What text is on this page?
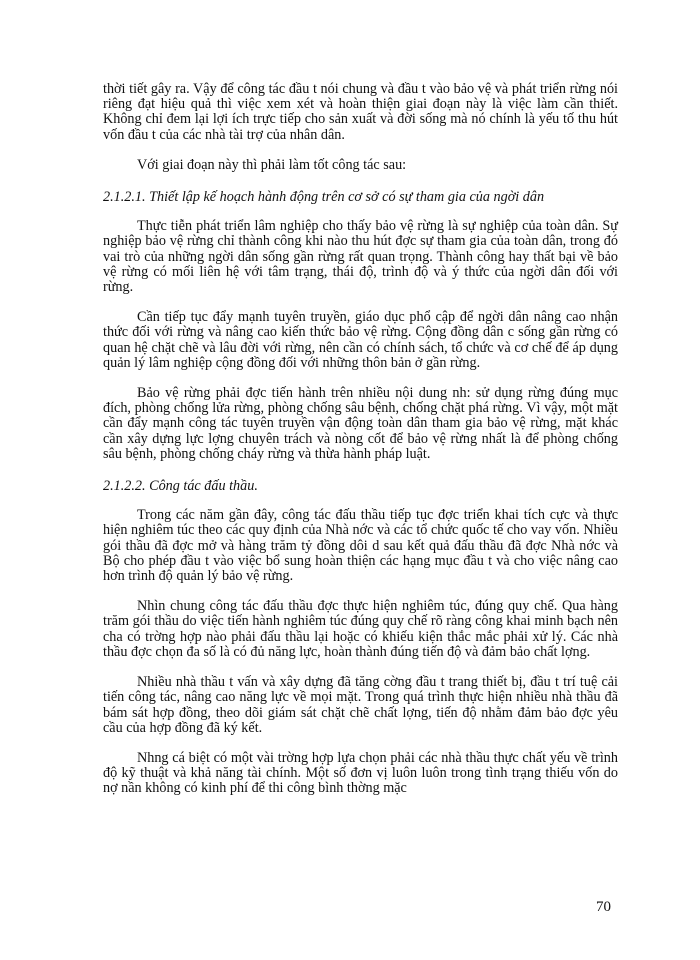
thời tiết gây ra. Vậy để công tác đầu t nói chung và đầu t vào bảo vệ và phát triển rừng nói riêng đạt hiệu quả thì việc xem xét và hoàn thiện giai đoạn này là việc làm cần thiết. Không chỉ đem lại lợi ích trực tiếp cho sản xuất và đời sống mà nó chính là yếu tố thu hút vốn đầu t của các nhà tài trợ của nhân dân.

Với giai đoạn này thì phải làm tốt công tác sau:

2.1.2.1. Thiết lập kế hoạch hành động trên cơ sở có sự tham gia của ngời dân

Thực tiễn phát triển lâm nghiệp cho thấy bảo vệ rừng là sự nghiệp của toàn dân. Sự nghiệp bảo vệ rừng chỉ thành công khi nào thu hút đợc sự tham gia của toàn dân, trong đó vai trò của những ngời dân sống gần rừng rất quan trọng. Thành công hay thất bại về bảo vệ rừng có mối liên hệ với tâm trạng, thái độ, trình độ và ý thức của ngời dân đối với rừng.

Cần tiếp tục đẩy mạnh tuyên truyền, giáo dục phổ cập để ngời dân nâng cao nhận thức đối với rừng và nâng cao kiến thức bảo vệ rừng. Cộng đồng dân c sống gần rừng có quan hệ chặt chẽ và lâu đời với rừng, nên cần có chính sách, tổ chức và cơ chế để áp dụng quản lý lâm nghiệp cộng đồng đối với những thôn bản ở gần rừng.

Bảo vệ rừng phải đợc tiến hành trên nhiều nội dung nh: sử dụng rừng đúng mục đích, phòng chống lửa rừng, phòng chống sâu bệnh, chống chặt phá rừng. Vì vậy, một mặt cần đẩy mạnh công tác tuyên truyền vận động toàn dân tham gia bảo vệ rừng, mặt khác cần xây dựng lực lợng chuyên trách và nòng cốt để bảo vệ rừng nhất là để phòng chống sâu bệnh, phòng chống cháy rừng và thừa hành pháp luật.

2.1.2.2. Công tác đấu thầu.

Trong các năm gần đây, công tác đấu thầu tiếp tục đợc triển khai tích cực và thực hiện nghiêm túc theo các quy định của Nhà nớc và các tổ chức quốc tế cho vay vốn. Nhiều gói thầu đã đợc mở và hàng trăm tỷ đồng dôi d sau kết quả đấu thầu đã đợc Nhà nớc và Bộ cho phép đầu t vào việc bổ sung hoàn thiện các hạng mục đầu t và cho việc nâng cao hơn trình độ quản lý bảo vệ rừng.

Nhìn chung công tác đấu thầu đợc thực hiện nghiêm túc, đúng quy chế. Qua hàng trăm gói thầu do việc tiến hành nghiêm túc đúng quy chế rõ ràng công khai minh bạch nên cha có trờng hợp nào phải đấu thầu lại hoặc có khiếu kiện thắc mắc phải xử lý. Các nhà thầu đợc chọn đa số là có đủ năng lực, hoàn thành đúng tiến độ và đảm bảo chất lợng.

Nhiều nhà thầu t vấn và xây dựng đã tăng cờng đầu t trang thiết bị, đầu t trí tuệ cải tiến công tác, nâng cao năng lực về mọi mặt. Trong quá trình thực hiện nhiều nhà thầu đã bám sát hợp đồng, theo dõi giám sát chặt chẽ chất lợng, tiến độ nhằm đảm bảo đợc yêu cầu của hợp đồng đã ký kết.

Nhng cá biệt có một vài trờng hợp lựa chọn phải các nhà thầu thực chất yếu về trình độ kỹ thuật và khả năng tài chính. Một số đơn vị luôn luôn trong tình trạng thiếu vốn do nợ nần không có kinh phí để thi công bình thờng mặc

70
